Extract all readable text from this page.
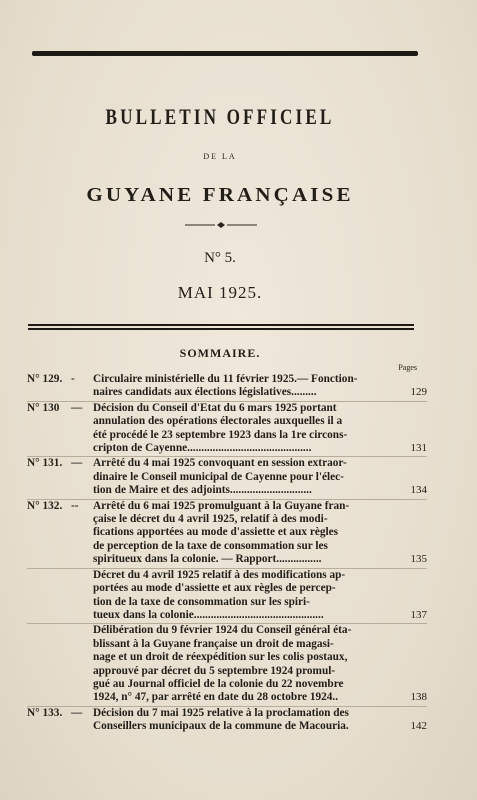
BULLETIN OFFICIEL
DE LA
GUYANE FRANÇAISE
N° 5.
MAI 1925.
SOMMAIRE.
Pages
N° 129. -	Circulaire ministérielle du 11 février 1925.— Fonction-
naires candidats aux élections législatives.........	129
N° 130	— Décision du Conseil d'Etat du 6 mars 1925 portant
annulation des opérations électorales auxquelles il a
été procédé le 23 septembre 1923 dans la 1re circons-
cripton de Cayenne............................................	131
N° 131. — Arrêté du 4 mai 1925 convoquant en session extraor-
dinaire le Conseil municipal de Cayenne pour l'élec-
tion de Maire et des adjoints.............................	134
N° 132. --	Arrêté du 6 mai 1925 promulguant à la Guyane fran-
çaise le décret du 4 avril 1925, relatif à des modi-
fications apportées au mode d'assiette et aux règles
de perception de la taxe de consommation sur les
spiritueux dans la colonie. — Rapport................	135
Décret du 4 avril 1925 relatif à des modifications ap-
portées au mode d'assiette et aux règles de percep-
tion de la taxe de consommation sur les spiri-
tueux dans la colonie..............................................	137
Délibération du 9 février 1924 du Conseil général éta-
blissant à la Guyane française un droit de magasi-
nage et un droit de réexpédition sur les colis postaux,
approuvé par décret du 5 septembre 1924 promul-
gué au Journal officiel de la colonie du 22 novembre
1924, n° 47, par arrêté en date du 28 octobre 1924..	138
N° 133. — Décision du 7 mai 1925 relative à la proclamation des
Conseillers municipaux de la commune de Macouria.	142
